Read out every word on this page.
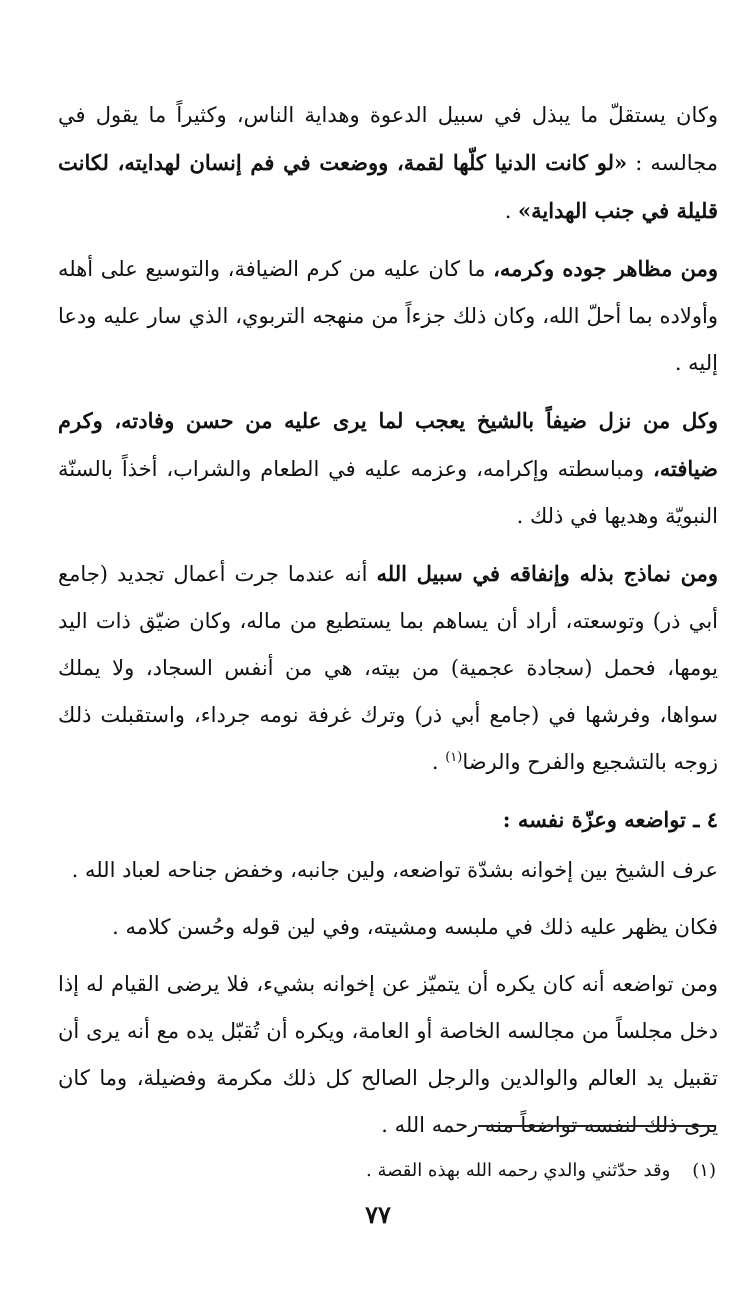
وكان يستقلّ ما يبذل في سبيل الدعوة وهداية الناس، وكثيراً ما يقول في مجالسه : «لو كانت الدنيا كلّها لقمة، ووضعت في فم إنسان لهدايته، لكانت قليلة في جنب الهداية» .

ومن مظاهر جوده وكرمه، ما كان عليه من كرم الضيافة، والتوسيع على أهله وأولاده بما أحلّ الله، وكان ذلك جزءاً من منهجه التربوي، الذي سار عليه ودعا إليه .

وكل من نزل ضيفاً بالشيخ يعجب لما يرى عليه من حسن وفادته، وكرم ضيافته، ومباسطته وإكرامه، وعزمه عليه في الطعام والشراب، أخذاً بالسنّة النبويّة وهديها في ذلك .

ومن نماذج بذله وإنفاقه في سبيل الله أنه عندما جرت أعمال تجديد (جامع أبي ذر) وتوسعته، أراد أن يساهم بما يستطيع من ماله، وكان ضيّق ذات اليد يومها، فحمل (سجادة عجمية) من بيته، هي من أنفس السجاد، ولا يملك سواها، وفرشها في (جامع أبي ذر) وترك غرفة نومه جرداء، واستقبلت ذلك زوجه بالتشجيع والفرح والرضا$^{(١)}$ .

٤ ـ تواضعه وعزّة نفسه :

عرف الشيخ بين إخوانه بشدّة تواضعه، ولين جانبه، وخفض جناحه لعباد الله .

فكان يظهر عليه ذلك في ملبسه ومشيته، وفي لين قوله وحُسن كلامه .

ومن تواضعه أنه كان يكره أن يتميّز عن إخوانه بشيء، فلا يرضى القيام له إذا دخل مجلساً من مجالسه الخاصة أو العامة، ويكره أن تُقبّل يده مع أنه يرى أن تقبيل يد العالم والوالدين والرجل الصالح كل ذلك مكرمة وفضيلة، وما كان يرى ذلك لنفسه تواضعاً منه رحمه الله .

(١)وقد حدّثني والدي رحمه الله بهذه القصة .
٧٧
